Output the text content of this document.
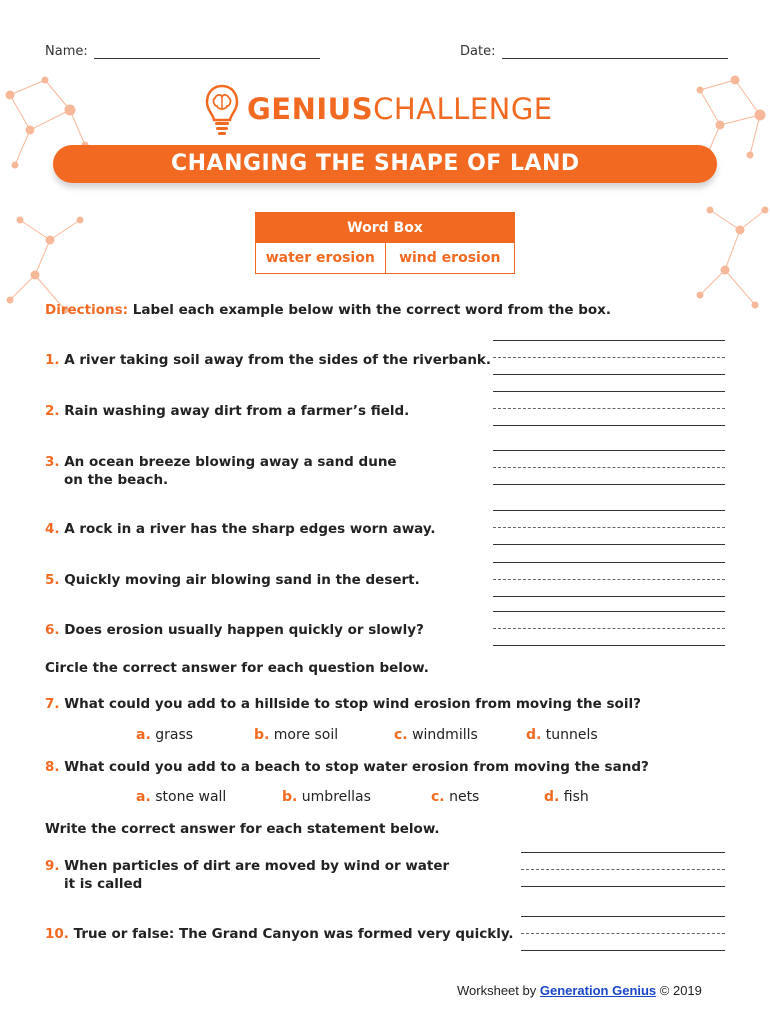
Name:	Date:
GENIUSCHALLENGE
CHANGING THE SHAPE OF LAND
Word Box
water erosion	wind erosion
Directions: Label each example below with the correct word from the box.
1. A river taking soil away from the sides of the riverbank.
2. Rain washing away dirt from a farmer’s field.
3. An ocean breeze blowing away a sand dune
on the beach.
4. A rock in a river has the sharp edges worn away.
5. Quickly moving air blowing sand in the desert.
6. Does erosion usually happen quickly or slowly?
Circle the correct answer for each question below.
7. What could you add to a hillside to stop wind erosion from moving the soil?
a. grass	b. more soil	c. windmills	d. tunnels
8. What could you add to a beach to stop water erosion from moving the sand?
a. stone wall	b. umbrellas	c. nets	d. fish
Write the correct answer for each statement below.
9. When particles of dirt are moved by wind or water
it is called
10. True or false: The Grand Canyon was formed very quickly.
Worksheet by Generation Genius © 2019
